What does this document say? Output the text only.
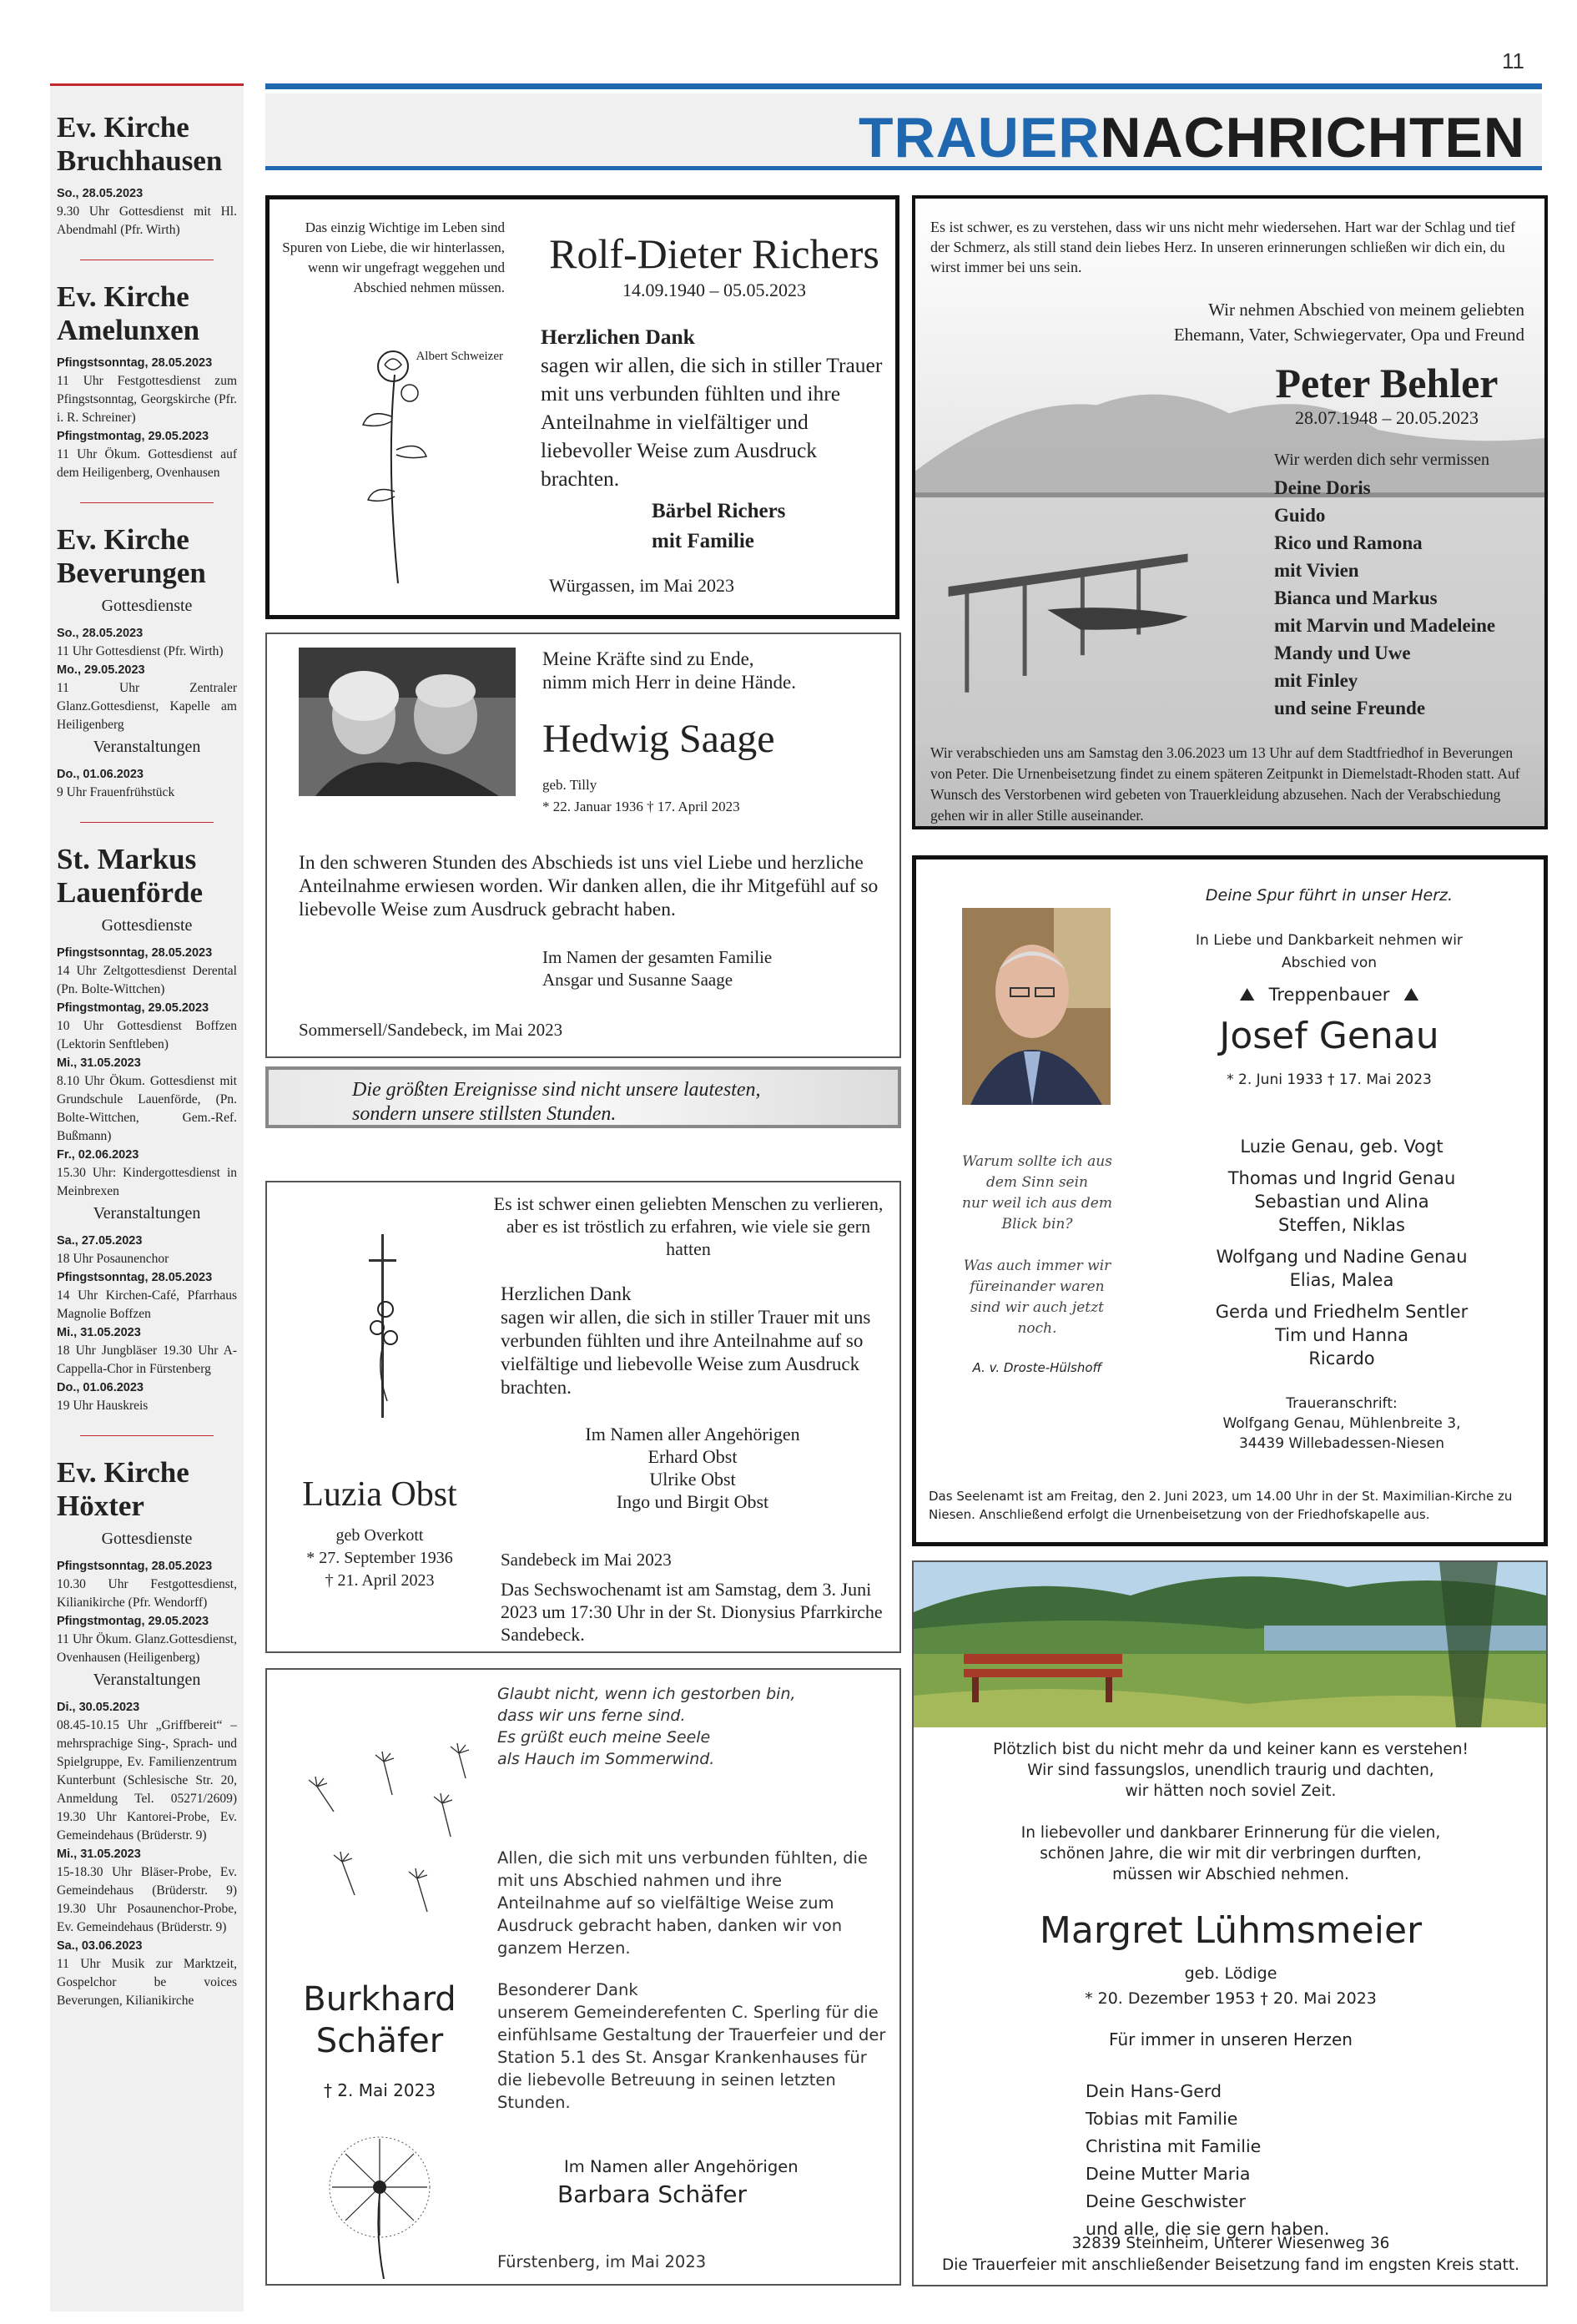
11
Ev. Kirche
Bruchhausen

So., 28.05.2023
9.30 Uhr Gottesdienst mit Hl. Abendmahl (Pfr. Wirth)

Ev. Kirche
Amelunxen

Pfingstsonntag, 28.05.2023
11 Uhr Festgottesdienst zum Pfingstsonntag, Georgskirche (Pfr. i. R. Schreiner)

Pfingstmontag, 29.05.2023
11 Uhr Ökum. Gottesdienst auf dem Heiligenberg, Ovenhausen

Ev. Kirche
Beverungen
Gottesdienste

So., 28.05.2023
11 Uhr Gottesdienst (Pfr. Wirth)

Mo., 29.05.2023
11 Uhr Zentraler Glanz.Gottesdienst, Kapelle am Heiligenberg

Veranstaltungen

Do., 01.06.2023
9 Uhr Frauenfrühstück

St. Markus
Lauenförde
Gottesdienste

Pfingstsonntag, 28.05.2023
14 Uhr Zeltgottesdienst Derental (Pn. Bolte-Wittchen)

Pfingstmontag, 29.05.2023
10 Uhr Gottesdienst Boffzen (Lektorin Senftleben)

Mi., 31.05.2023
8.10 Uhr Ökum. Gottesdienst mit Grundschule Lauenförde, (Pn. Bolte-Wittchen, Gem.-Ref. Bußmann)

Fr., 02.06.2023
15.30 Uhr: Kindergottesdienst in Meinbrexen

Veranstaltungen

Sa., 27.05.2023
18 Uhr Posaunenchor

Pfingstsonntag, 28.05.2023
14 Uhr Kirchen-Café, Pfarrhaus Magnolie Boffzen

Mi., 31.05.2023
18 Uhr Jungbläser 19.30 Uhr A-Cappella-Chor in Fürstenberg

Do., 01.06.2023
19 Uhr Hauskreis

Ev. Kirche
Höxter
Gottesdienste

Pfingstsonntag, 28.05.2023
10.30 Uhr Festgottesdienst, Kilianikirche (Pfr. Wendorff)

Pfingstmontag, 29.05.2023
11 Uhr Ökum. Glanz.Gottesdienst, Ovenhausen (Heiligenberg)

Veranstaltungen

Di., 30.05.2023
08.45-10.15 Uhr „Griffbereit“ – mehrsprachige Sing-, Sprach- und Spielgruppe, Ev. Familienzentrum Kunterbunt (Schlesische Str. 20, Anmeldung Tel. 05271/2609) 19.30 Uhr Kantorei-Probe, Ev. Gemeindehaus (Brüderstr. 9)

Mi., 31.05.2023
15-18.30 Uhr Bläser-Probe, Ev. Gemeindehaus (Brüderstr. 9) 19.30 Uhr Posaunenchor-Probe, Ev. Gemeindehaus (Brüderstr. 9)

Sa., 03.06.2023
11 Uhr Musik zur Marktzeit, Gospelchor be voices Beverungen, Kilianikirche

TRAUERNACHRICHTEN
Das einzig Wichtige im Leben sind Spuren von Liebe, die wir hinterlassen, wenn wir ungefragt weggehen und Abschied nehmen müssen.
Albert Schweizer
Rolf-Dieter Richers
14.09.1940 – 05.05.2023
Herzlichen Dank
sagen wir allen, die sich in stiller Trauer mit uns verbunden fühlten und ihre Anteilnahme in vielfältiger und liebevoller Weise zum Ausdruck brachten.
Bärbel Richers
mit Familie
Würgassen, im Mai 2023
Es ist schwer, es zu verstehen, dass wir uns nicht mehr wiedersehen. Hart war der Schlag und tief der Schmerz, als still stand dein liebes Herz. In unseren erinnerungen schließen wir dich ein, du wirst immer bei uns sein.
Wir nehmen Abschied von meinem geliebten
Ehemann, Vater, Schwiegervater, Opa und Freund
Peter Behler
28.07.1948 – 20.05.2023
Wir werden dich sehr vermissen
Deine Doris
Guido
Rico und Ramona
mit Vivien
Bianca und Markus
mit Marvin und Madeleine
Mandy und Uwe
mit Finley
und seine Freunde
Wir verabschieden uns am Samstag den 3.06.2023 um 13 Uhr auf dem Stadtfriedhof in Beverungen von Peter. Die Urnenbeisetzung findet zu einem späteren Zeitpunkt in Diemelstadt-Rhoden statt. Auf Wunsch des Verstorbenen wird gebeten von Trauerkleidung abzusehen. Nach der Verabschiedung gehen wir in aller Stille auseinander.
Meine Kräfte sind zu Ende,
nimm mich Herr in deine Hände.
Hedwig Saage
geb. Tilly
* 22. Januar 1936 † 17. April 2023
In den schweren Stunden des Abschieds ist uns viel Liebe und herzliche Anteilnahme erwiesen worden. Wir danken allen, die ihr Mitgefühl auf so liebevolle Weise zum Ausdruck gebracht haben.
Im Namen der gesamten Familie
Ansgar und Susanne Saage
Sommersell/Sandebeck, im Mai 2023

Die größten Ereignisse sind nicht unsere lautesten,
sondern unsere stillsten Stunden.

Luzia Obst
geb Overkott
* 27. September 1936
† 21. April 2023
Es ist schwer einen geliebten Menschen zu verlieren, aber es ist tröstlich zu erfahren, wie viele sie gern hatten
Herzlichen Dank
sagen wir allen, die sich in stiller Trauer mit uns verbunden fühlten und ihre Anteilnahme auf so vielfältige und liebevolle Weise zum Ausdruck brachten.
Im Namen aller Angehörigen
Erhard Obst
Ulrike Obst
Ingo und Birgit Obst
Sandebeck im Mai 2023
Das Sechswochenamt ist am Samstag, dem 3. Juni 2023 um 17:30 Uhr in der St. Dionysius Pfarrkirche Sandebeck.
Deine Spur führt in unser Herz.
In Liebe und Dankbarkeit nehmen wir
Abschied von
⛰ Treppenbauer ⛰
Josef Genau
* 2. Juni 1933 † 17. Mai 2023
Warum sollte ich aus
dem Sinn sein
nur weil ich aus dem
Blick bin?

Was auch immer wir
füreinander waren
sind wir auch jetzt
noch.
A. v. Droste-Hülshoff
Luzie Genau, geb. Vogt
Thomas und Ingrid Genau
Sebastian und Alina
Steffen, Niklas
Wolfgang und Nadine Genau
Elias, Malea
Gerda und Friedhelm Sentler
Tim und Hanna
Ricardo
Traueranschrift:
Wolfgang Genau, Mühlenbreite 3,
34439 Willebadessen-Niesen
Das Seelenamt ist am Freitag, den 2. Juni 2023, um 14.00 Uhr in der St. Maximilian-Kirche zu Niesen. Anschließend erfolgt die Urnenbeisetzung von der Friedhofskapelle aus.
Glaubt nicht, wenn ich gestorben bin,
dass wir uns ferne sind.
Es grüßt euch meine Seele
als Hauch im Sommerwind.
Burkhard
Schäfer
† 2. Mai 2023
Allen, die sich mit uns verbunden fühlten, die mit uns Abschied nahmen und ihre Anteilnahme auf so vielfältige Weise zum Ausdruck gebracht haben, danken wir von ganzem Herzen.
Besonderer Dank
unserem Gemeinderefenten C. Sperling für die einfühlsame Gestaltung der Trauerfeier und der Station 5.1 des St. Ansgar Krankenhauses für die liebevolle Betreuung in seinen letzten Stunden.
Im Namen aller Angehörigen
Barbara Schäfer
Fürstenberg, im Mai 2023
Plötzlich bist du nicht mehr da und keiner kann es verstehen!
Wir sind fassungslos, unendlich traurig und dachten,
wir hätten noch soviel Zeit.

In liebevoller und dankbarer Erinnerung für die vielen,
schönen Jahre, die wir mit dir verbringen durften,
müssen wir Abschied nehmen.
Margret Lühmsmeier
geb. Lödige
* 20. Dezember 1953 † 20. Mai 2023
Für immer in unseren Herzen
Dein Hans-Gerd
Tobias mit Familie
Christina mit Familie
Deine Mutter Maria
Deine Geschwister
und alle, die sie gern haben.
32839 Steinheim, Unterer Wiesenweg 36
Die Trauerfeier mit anschließender Beisetzung fand im engsten Kreis statt.
